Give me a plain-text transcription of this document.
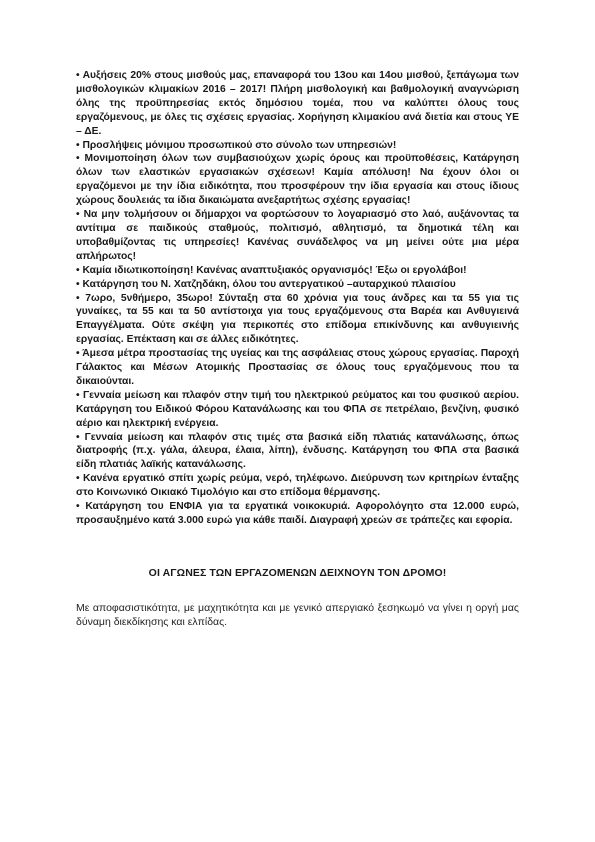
• Αυξήσεις 20% στους μισθούς μας, επαναφορά του 13ου και 14ου μισθού, ξεπάγωμα των μισθολογικών κλιμακίων 2016 – 2017! Πλήρη μισθολογική και βαθμολογική αναγνώριση όλης της προϋπηρεσίας εκτός δημόσιου τομέα, που να καλύπτει όλους τους εργαζόμενους, με όλες τις σχέσεις εργασίας. Χορήγηση κλιμακίου ανά διετία και στους ΥΕ – ΔΕ.

• Προσλήψεις μόνιμου προσωπικού στο σύνολο των υπηρεσιών!

• Μονιμοποίηση όλων των συμβασιούχων χωρίς όρους και προϋποθέσεις, Κατάργηση όλων των ελαστικών εργασιακών σχέσεων! Καμία απόλυση! Να έχουν όλοι οι εργαζόμενοι με την ίδια ειδικότητα, που προσφέρουν την ίδια εργασία και στους ίδιους χώρους δουλειάς τα ίδια δικαιώματα ανεξαρτήτως σχέσης εργασίας!

• Να μην τολμήσουν οι δήμαρχοι να φορτώσουν το λογαριασμό στο λαό, αυξάνοντας τα αντίτιμα σε παιδικούς σταθμούς, πολιτισμό, αθλητισμό, τα δημοτικά τέλη και υποβαθμίζοντας τις υπηρεσίες! Κανένας συνάδελφος να μη μείνει ούτε μια μέρα απλήρωτος!

• Καμία ιδιωτικοποίηση! Κανένας αναπτυξιακός οργανισμός! Έξω οι εργολάβοι!

• Κατάργηση του Ν. Χατζηδάκη, όλου του αντεργατικού –αυταρχικού πλαισίου

• 7ωρο, 5νθήμερο, 35ωρο! Σύνταξη στα 60 χρόνια για τους άνδρες και τα 55 για τις γυναίκες, τα 55 και τα 50 αντίστοιχα για τους εργαζόμενους στα Βαρέα και Ανθυγιεινά Επαγγέλματα. Ούτε σκέψη για περικοπές στο επίδομα επικίνδυνης και ανθυγιεινής εργασίας. Επέκταση και σε άλλες ειδικότητες.

• Άμεσα μέτρα προστασίας της υγείας και της ασφάλειας στους χώρους εργασίας. Παροχή Γάλακτος και Μέσων Ατομικής Προστασίας σε όλους τους εργαζόμενους που τα δικαιούνται.

• Γενναία μείωση και πλαφόν στην τιμή του ηλεκτρικού ρεύματος και του φυσικού αερίου. Κατάργηση του Ειδικού Φόρου Κατανάλωσης και του ΦΠΑ σε πετρέλαιο, βενζίνη, φυσικό αέριο και ηλεκτρική ενέργεια.

• Γενναία μείωση και πλαφόν στις τιμές στα βασικά είδη πλατιάς κατανάλωσης, όπως διατροφής (π.χ. γάλα, άλευρα, έλαια, λίπη), ένδυσης. Κατάργηση του ΦΠΑ στα βασικά είδη πλατιάς λαϊκής κατανάλωσης.

• Κανένα εργατικό σπίτι χωρίς ρεύμα, νερό, τηλέφωνο. Διεύρυνση των κριτηρίων ένταξης στο Κοινωνικό Οικιακό Τιμολόγιο και στο επίδομα θέρμανσης.

• Κατάργηση του ΕΝΦΙΑ για τα εργατικά νοικοκυριά. Αφορολόγητο στα 12.000 ευρώ, προσαυξημένο κατά 3.000 ευρώ για κάθε παιδί. Διαγραφή χρεών σε τράπεζες και εφορία.

ΟΙ ΑΓΩΝΕΣ ΤΩΝ ΕΡΓΑΖΟΜΕΝΩΝ ΔΕΙΧΝΟΥΝ ΤΟΝ ΔΡΟΜΟ!

Με αποφασιστικότητα, με μαχητικότητα και με γενικό απεργιακό ξεσηκωμό να γίνει η οργή μας δύναμη διεκδίκησης και ελπίδας.
